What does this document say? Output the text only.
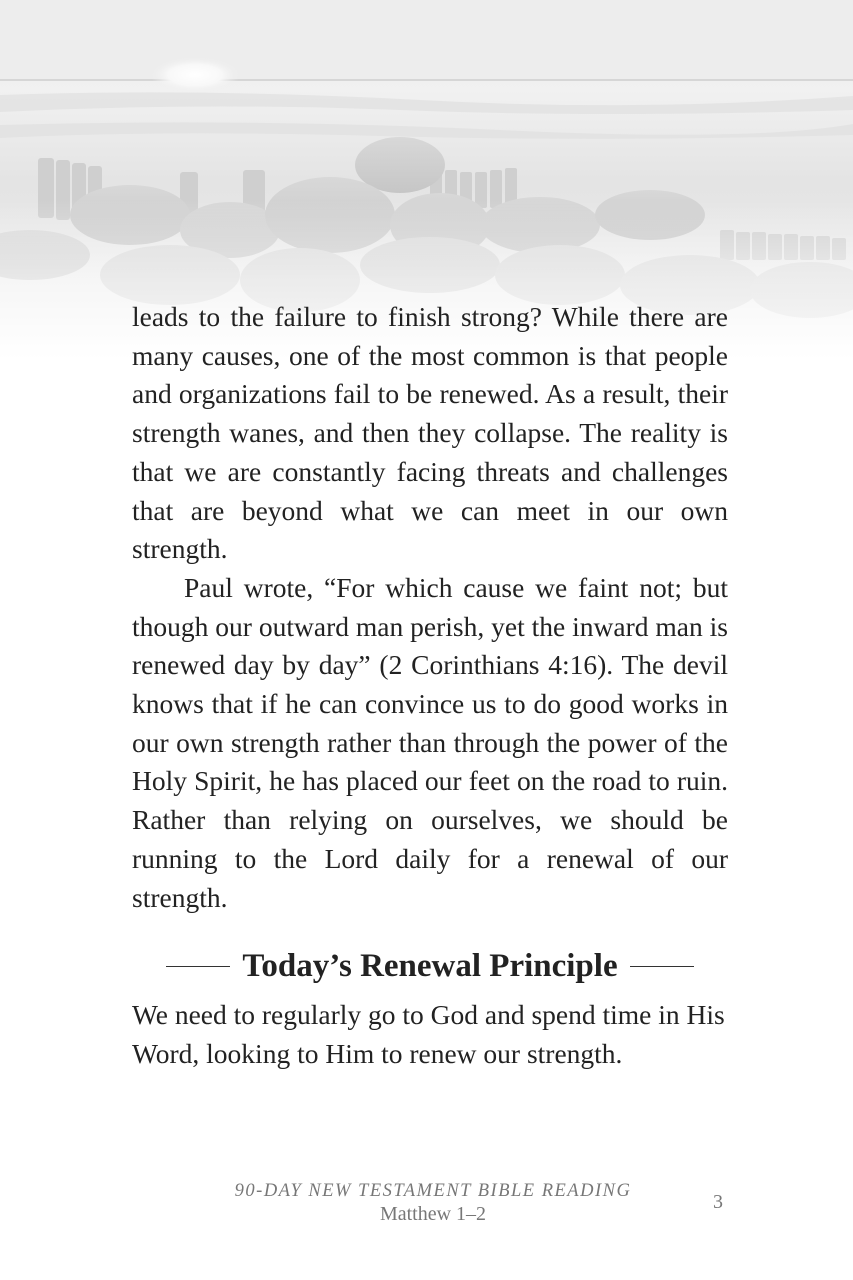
leads to the failure to finish strong? While there are many causes, one of the most common is that people and organizations fail to be renewed. As a result, their strength wanes, and then they collapse. The reality is that we are constantly facing threats and challenges that are beyond what we can meet in our own strength.

Paul wrote, “For which cause we faint not; but though our outward man perish, yet the inward man is renewed day by day” (2 Corinthians 4:16). The devil knows that if he can convince us to do good works in our own strength rather than through the power of the Holy Spirit, he has placed our feet on the road to ruin. Rather than relying on ourselves, we should be running to the Lord daily for a renewal of our strength.

Today’s Renewal Principle

We need to regularly go to God and spend time in His Word, looking to Him to renew our strength.

90-DAY NEW TESTAMENT BIBLE READING
Matthew 1–2
3
